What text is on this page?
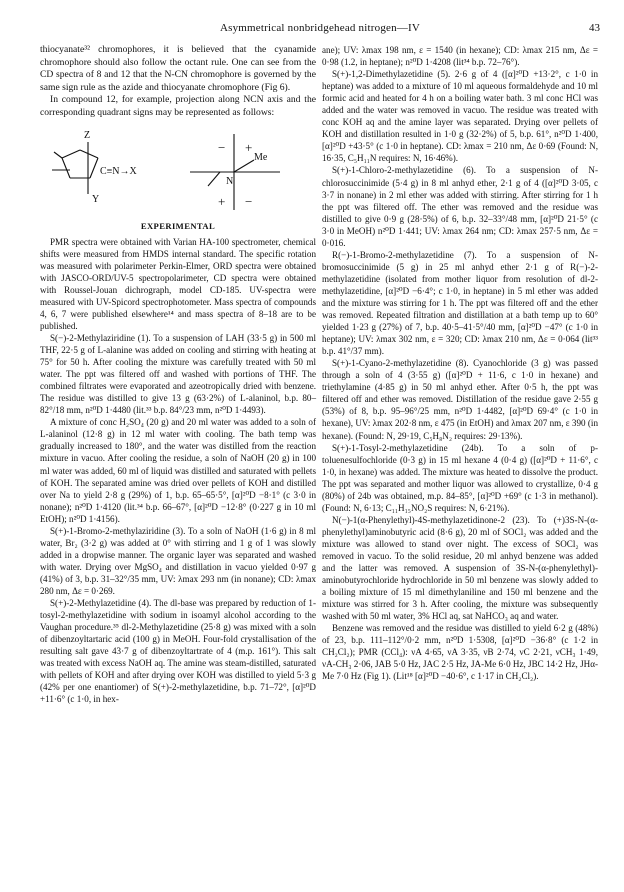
Asymmetrical nonbridgehead nitrogen—IV	43

thiocyanate³² chromophores, it is believed that the cyanamide chromophore should also follow the octant rule. One can see from the CD spectra of 8 and 12 that the N-CN chromophore is governed by the same sign rule as the azide and thiocyanate chromophore (Fig 6).

In compound 12, for example, projection along NCN axis and the corresponding quadrant signs may be represented as follows:

Z
Y
C≡N→X
− +
+ −
Me
N
EXPERIMENTAL

PMR spectra were obtained with Varian HA-100 spectrometer, chemical shifts were measured from HMDS internal standard. The specific rotation was measured with polarimeter Perkin-Elmer, ORD spectra were obtained with JASCO-ORD/UV-5 spectropolarimeter, CD spectra were obtained with Roussel-Jouan dichrograph, model CD-185. UV-spectra were measured with UV-Spicord spectrophotometer. Mass spectra of compounds 4, 6, 7 were published elsewhere¹⁴ and mass spectra of 8–18 are to be published.

S(−)-2-Methylaziridine (1). To a suspension of LAH (33·5 g) in 500 ml THF, 22·5 g of L-alanine was added on cooling and stirring with heating at 75° for 50 h. After cooling the mixture was carefully treated with 50 ml water. The ppt was filtered off and washed with portions of THF. The combined filtrates were evaporated and azeotropically dried with benzene. The residue was distilled to give 13 g (63·2%) of L-alaninol, b.p. 80–82°/18 mm, n²⁰D 1·4480 (lit.³³ b.p. 84°/23 mm, n²⁰D 1·4493).

A mixture of conc H₂SO₄ (20 g) and 20 ml water was added to a soln of L-alaninol (12·8 g) in 12 ml water with cooling. The bath temp was gradually increased to 180°, and the water was distilled from the reaction mixture in vacuo. After cooling the residue, a soln of NaOH (20 g) in 100 ml water was added, 60 ml of liquid was distilled and saturated with pellets of KOH. The separated amine was dried over pellets of KOH and distilled over Na to yield 2·8 g (29%) of 1, b.p. 65–65·5°, [α]²⁰D −8·1° (c 3·0 in nonane); n²⁰D 1·4120 (lit.³⁴ b.p. 66–67°, [α]²⁰D −12·8° (0·227 g in 10 ml EtOH); n²⁰D 1·4156).

S(+)-1-Bromo-2-methylaziridine (3). To a soln of NaOH (1·6 g) in 8 ml water, Br₂ (3·2 g) was added at 0° with stirring and 1 g of 1 was slowly added in a dropwise manner. The organic layer was separated and washed with water. Drying over MgSO₄ and distillation in vacuo yielded 0·97 g (41%) of 3, b.p. 31–32°/35 mm, UV: λmax 293 nm (in nonane); CD: λmax 280 nm, Δε = 0·269.

S(+)-2-Methylazetidine (4). The dl-base was prepared by reduction of 1-tosyl-2-methylazetidine with sodium in isoamyl alcohol according to the Vaughan procedure.³⁵ dl-2-Methylazetidine (25·8 g) was mixed with a soln of dibenzoyltartaric acid (100 g) in MeOH. Four-fold crystallisation of the resulting salt gave 43·7 g of dibenzoyltartrate of 4 (m.p. 161°). This salt was treated with excess NaOH aq. The amine was steam-distilled, saturated with pellets of KOH and after drying over KOH was distilled to yield 5·3 g (42% per one enantiomer) of S(+)-2-methylazetidine, b.p. 71–72°, [α]²⁰D +11·6° (c 1·0, in hex-

ane); UV: λmax 198 nm, ε = 1540 (in hexane); CD: λmax 215 nm, Δε = 0·98 (1.2, in heptane); n²⁰D 1·4208 (lit³⁴ b.p. 72–76°).

S(+)-1,2-Dimethylazetidine (5). 2·6 g of 4 ([α]²⁰D +13·2°, c 1·0 in heptane) was added to a mixture of 10 ml aqueous formaldehyde and 10 ml formic acid and heated for 4 h on a boiling water bath. 3 ml conc HCl was added and the water was removed in vacuo. The residue was treated with conc KOH aq and the amine layer was separated. Drying over pellets of KOH and distillation resulted in 1·0 g (32·2%) of 5, b.p. 61°, n²⁰D 1·400, [α]²⁰D +43·5° (c 1·0 in heptane). CD: λmax = 210 nm, Δε 0·69 (Found: N, 16·35, C₅H₁₁N requires: N, 16·46%).

S(+)-1-Chloro-2-methylazetidine (6). To a suspension of N-chlorosuccinimide (5·4 g) in 8 ml anhyd ether, 2·1 g of 4 ([α]²⁰D 3·05, c 3·7 in nonane) in 2 ml ether was added with stirring. After stirring for 1 h the ppt was filtered off. The ether was removed and the residue was distilled to give 0·9 g (28·5%) of 6, b.p. 32–33°/48 mm, [α]²⁰D 21·5° (c 3·0 in MeOH) n²⁰D 1·441; UV: λmax 264 nm; CD: λmax 257·5 nm, Δε = 0·016.

R(−)-1-Bromo-2-methylazetidine (7). To a suspension of N-bromosuccinimide (5 g) in 25 ml anhyd ether 2·1 g of R(−)-2-methylazetidine (isolated from mother liquor from resolution of dl-2-methylazetidine, [α]²⁰D −6·4°; c 1·0, in heptane) in 5 ml ether was added and the mixture was stirring for 1 h. The ppt was filtered off and the ether was removed. Repeated filtration and distillation at a bath temp up to 60° yielded 1·23 g (27%) of 7, b.p. 40·5–41·5°/40 mm, [α]²⁰D −47° (c 1·0 in heptane); UV: λmax 302 nm, ε = 320; CD: λmax 210 nm, Δε = 0·064 (lit³³ b.p. 41°/37 mm).

S(+)-1-Cyano-2-methylazetidine (8). Cyanochloride (3 g) was passed through a soln of 4 (3·55 g) ([α]²⁰D + 11·6, c 1·0 in hexane) and triethylamine (4·85 g) in 50 ml anhyd ether. After 0·5 h, the ppt was filtered off and ether was removed. Distillation of the residue gave 2·55 g (53%) of 8, b.p. 95–96°/25 mm, n²⁰D 1·4482, [α]²⁰D 69·4° (c 1·0 in hexane), UV: λmax 202·8 nm, ε 475 (in EtOH) and λmax 207 nm, ε 390 (in hexane). (Found: N, 29·19, C₅H₈N₂ requires: 29·13%).

S(+)-1-Tosyl-2-methylazetidine (24b). To a soln of p-toluenesulfochloride (0·3 g) in 15 ml hexane 4 (0·4 g) ([α]²⁰D + 11·6°, c 1·0, in hexane) was added. The mixture was heated to dissolve the product. The ppt was separated and mother liquor was allowed to crystallize, 0·4 g (80%) of 24b was obtained, m.p. 84–85°, [α]²⁰D +69° (c 1·3 in methanol). (Found: N, 6·13; C₁₁H₁₅NO₂S requires: N, 6·21%).

N(−)-1(α-Phenylethyl)-4S-methylazetidinone-2 (23). To (+)3S-N-(α-phenylethyl)aminobutyric acid (8·6 g), 20 ml of SOCl₂ was added and the mixture was allowed to stand over night. The excess of SOCl₂ was removed in vacuo. To the solid residue, 20 ml anhyd benzene was added and the latter was removed. A suspension of 3S-N-(α-phenylethyl)-aminobutyrochloride hydrochloride in 50 ml benzene was slowly added to a boiling mixture of 15 ml dimethylaniline and 150 ml benzene and the mixture was stirred for 3 h. After cooling, the mixture was subsequently washed with 50 ml water, 3% HCl aq, sat NaHCO₃ aq and water.

Benzene was removed and the residue was distilled to yield 6·2 g (48%) of 23, b.p. 111–112°/0·2 mm, n²⁰D 1·5308, [α]²⁰D −36·8° (c 1·2 in CH₂Cl₂); PMR (CCl₄): νA 4·65, νA 3·35, νB 2·74, νC 2·21, νCH₃ 1·49, νA-CH₃ 2·06, JAB 5·0 Hz, JAC 2·5 Hz, JA-Me 6·0 Hz, JBC 14·2 Hz, JHα-Me 7·0 Hz (Fig 1). (Lit¹⁸ [α]²⁰D −40·6°, c 1·17 in CH₂Cl₂).
